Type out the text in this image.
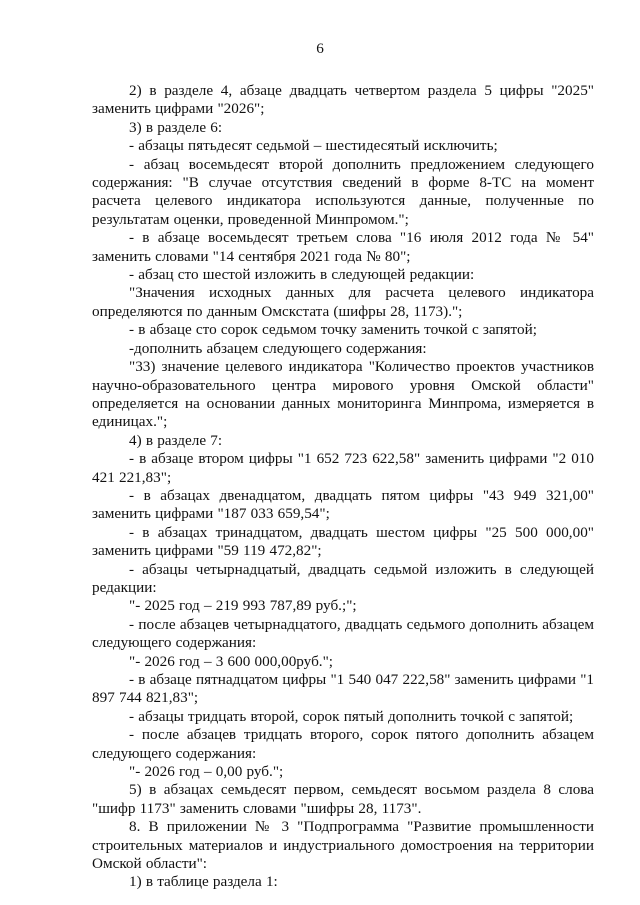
6

2) в разделе 4, абзаце двадцать четвертом раздела 5 цифры "2025" заменить цифрами "2026";

3) в разделе 6:

- абзацы пятьдесят седьмой – шестидесятый исключить;

- абзац восемьдесят второй дополнить предложением следующего содержания: "В случае отсутствия сведений в форме 8-ТС на момент расчета целевого индикатора используются данные, полученные по результатам оценки, проведенной Минпромом.";

- в абзаце восемьдесят третьем слова "16 июля 2012 года № 54" заменить словами "14 сентября 2021 года № 80";

- абзац сто шестой изложить в следующей редакции:

"Значения исходных данных для расчета целевого индикатора определяются по данным Омскстата (шифры 28, 1173).";

- в абзаце сто сорок седьмом точку заменить точкой с запятой;

-дополнить абзацем следующего содержания:

"33) значение целевого индикатора "Количество проектов участников научно-образовательного центра мирового уровня Омской области" определяется на основании данных мониторинга Минпрома, измеряется в единицах.";

4) в разделе 7:

- в абзаце втором цифры "1 652 723 622,58" заменить цифрами "2 010 421 221,83";

- в абзацах двенадцатом, двадцать пятом цифры "43 949 321,00" заменить цифрами "187 033 659,54";

- в абзацах тринадцатом, двадцать шестом цифры "25 500 000,00" заменить цифрами "59 119 472,82";

- абзацы четырнадцатый, двадцать седьмой изложить в следующей редакции:

"- 2025 год – 219 993 787,89 руб.;";

- после абзацев четырнадцатого, двадцать седьмого дополнить абзацем следующего содержания:

"- 2026 год – 3 600 000,00руб.";

- в абзаце пятнадцатом цифры "1 540 047 222,58" заменить цифрами "1 897 744 821,83";

- абзацы тридцать второй, сорок пятый дополнить точкой с запятой;

- после абзацев тридцать второго, сорок пятого дополнить абзацем следующего содержания:

"- 2026 год – 0,00 руб.";

5) в абзацах семьдесят первом, семьдесят восьмом раздела 8 слова "шифр 1173" заменить словами "шифры 28, 1173".

8. В приложении № 3 "Подпрограмма "Развитие промышленности строительных материалов и индустриального домостроения на территории Омской области":

1) в таблице раздела 1:
